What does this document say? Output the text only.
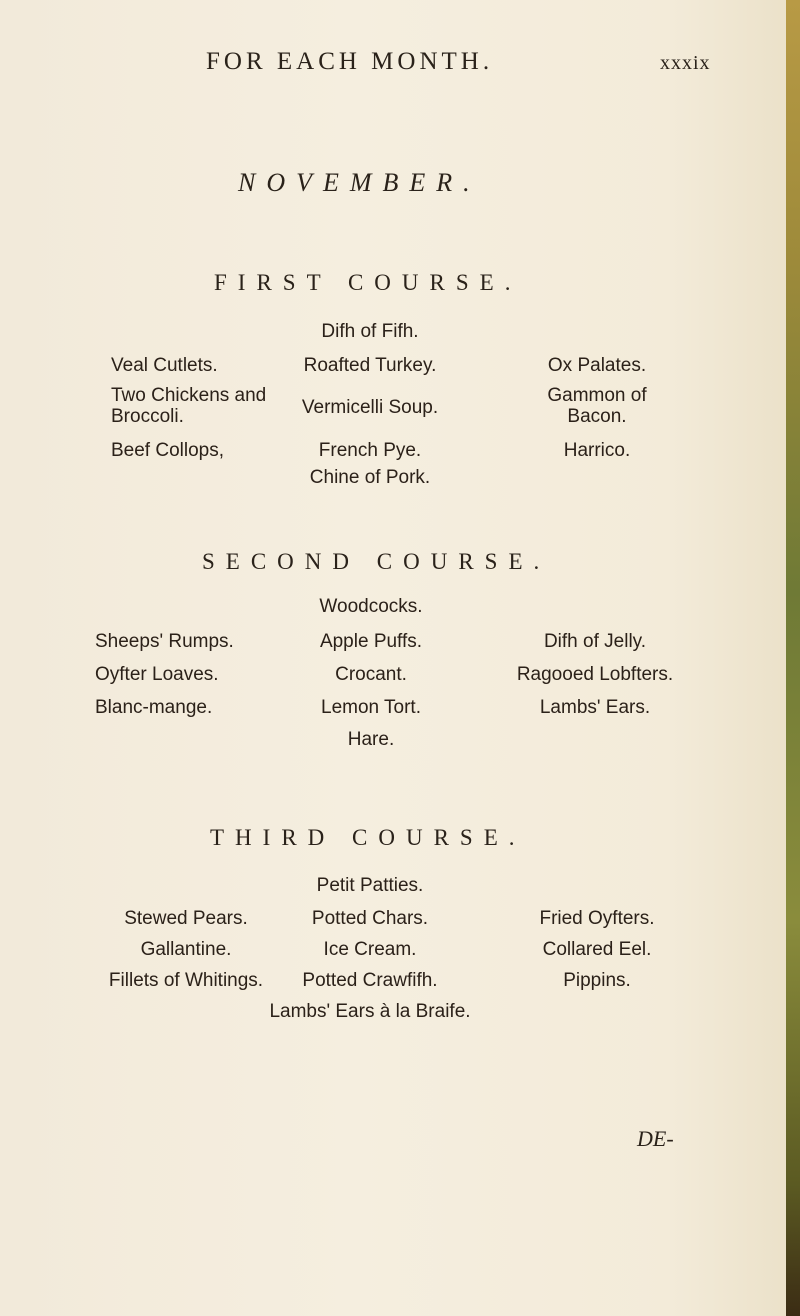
FOR EACH MONTH.	xxxix
NOVEMBER.
FIRST COURSE.
Veal Cutlets.
Two Chickens and Broccoli.
Beef Collops,
Difh of Fifh.
Roafted Turkey.
Vermicelli Soup.
French Pye.
Chine of Pork.
Ox Palates.
Gammon of Bacon.
Harrico.
SECOND COURSE.
Sheeps' Rumps.
Oyfter Loaves.
Blanc-mange.
Woodcocks.
Apple Puffs.
Crocant.
Lemon Tort.
Hare.
Difh of Jelly.
Ragooed Lobfters.
Lambs' Ears.
THIRD COURSE.
Stewed Pears.
Gallantine.
Fillets of Whitings.
Petit Patties.
Potted Chars.
Ice Cream.
Potted Crawfifh.
Lambs' Ears à la Braife.
Fried Oyfters.
Collared Eel.
Pippins.
DE-
